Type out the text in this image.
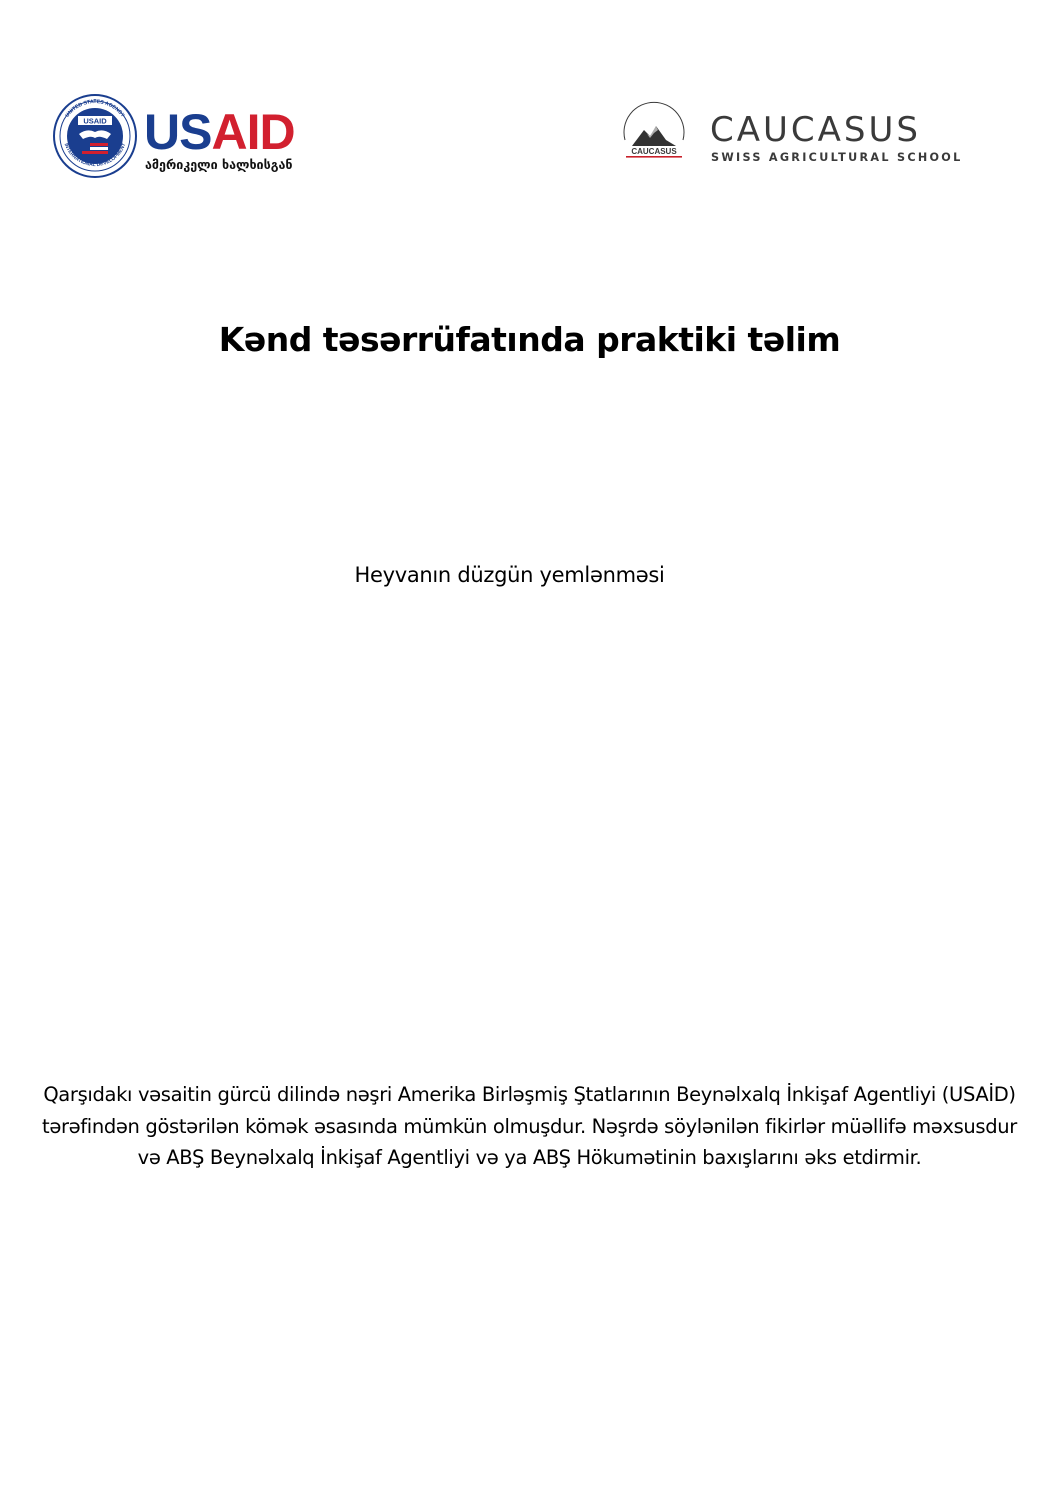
USAID
UNITED STATES AGENCY
INTERNATIONAL DEVELOPMENT USAID
ამერიკელი ხალხისგან
CAUCASUS
CAUCASUS
SWISS AGRICULTURAL SCHOOL
Kənd təsərrüfatında praktiki təlim

Heyvanın düzgün yemlənməsi

Qarşıdakı vəsaitin gürcü dilində nəşri Amerika Birləşmiş Ştatlarının Beynəlxalq İnkişaf Agentliyi (USAİD) tərəfindən göstərilən kömək əsasında mümkün olmuşdur. Nəşrdə söylənilən fikirlər müəllifə məxsusdur və ABŞ Beynəlxalq İnkişaf Agentliyi və ya ABŞ Hökumətinin baxışlarını əks etdirmir.
